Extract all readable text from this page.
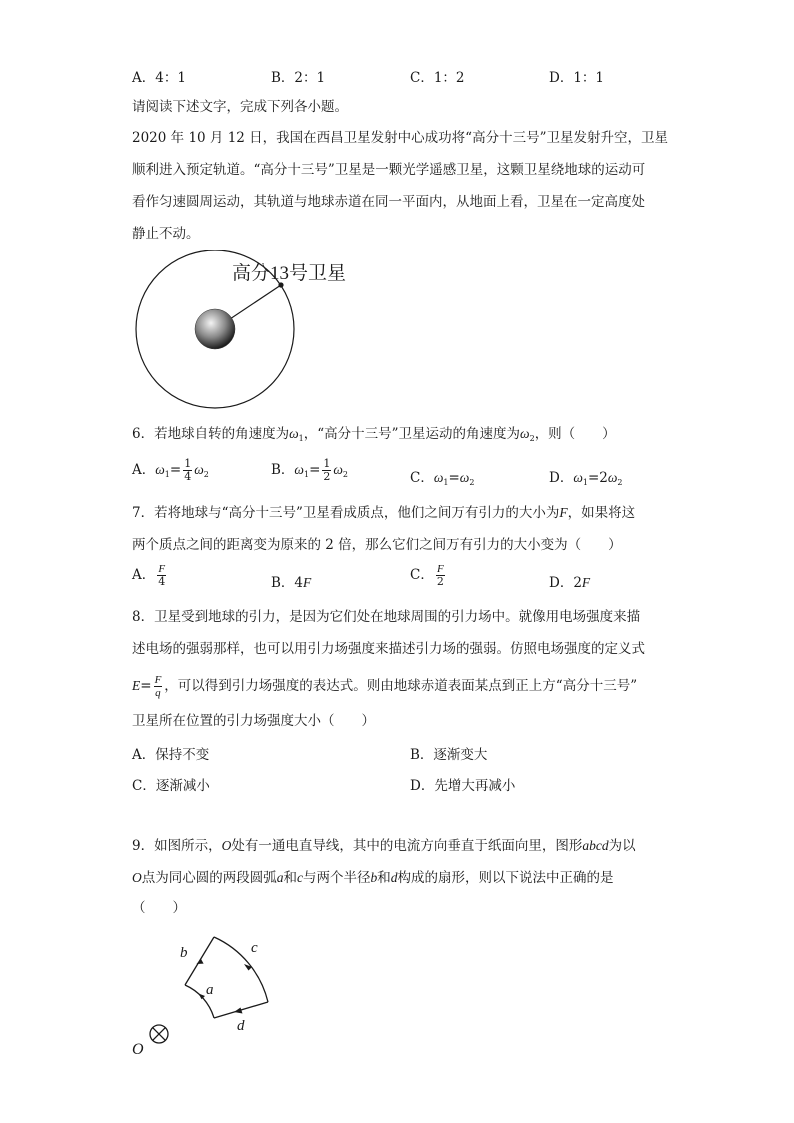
A．4：1	B．2：1	C．1：2	D．1：1
请阅读下述文字，完成下列各小题。
2020 年 10 月 12 日，我国在西昌卫星发射中心成功将“高分十三号”卫星发射升空，卫星
顺利进入预定轨道。“高分十三号”卫星是一颗光学遥感卫星，这颗卫星绕地球的运动可
看作匀速圆周运动，其轨道与地球赤道在同一平面内，从地面上看，卫星在一定高度处
静止不动。
高分13号卫星
6．若地球自转的角速度为$\omega_1$，“高分十三号”卫星运动的角速度为$\omega_2$，则（　　）
A．$\omega_1= \frac{1}{4} \omega_2$	B．$\omega_1= \frac{1}{2} \omega_2$	C．$\omega_1=\omega_2$	D．$\omega_1=2\omega_2$
7．若将地球与“高分十三号”卫星看成质点，他们之间万有引力的大小为F，如果将这
两个质点之间的距离变为原来的 2 倍，那么它们之间万有引力的大小变为（　　）
A． $\frac{F}{4}$	B．4F	C． $\frac{F}{2}$	D．2F
8．卫星受到地球的引力，是因为它们处在地球周围的引力场中。就像用电场强度来描
述电场的强弱那样，也可以用引力场强度来描述引力场的强弱。仿照电场强度的定义式
$E= \frac{F}{q}$ ，可以得到引力场强度的表达式。则由地球赤道表面某点到正上方“高分十三号”
卫星所在位置的引力场强度大小（　　）
A．保持不变	B．逐渐变大
C．逐渐减小	D．先增大再减小
9．如图所示，O处有一通电直导线，其中的电流方向垂直于纸面向里，图形abcd为以
O点为同心圆的两段圆弧a和c与两个半径b和d构成的扇形，则以下说法中正确的是
（　　）
b	c
a
d
O
